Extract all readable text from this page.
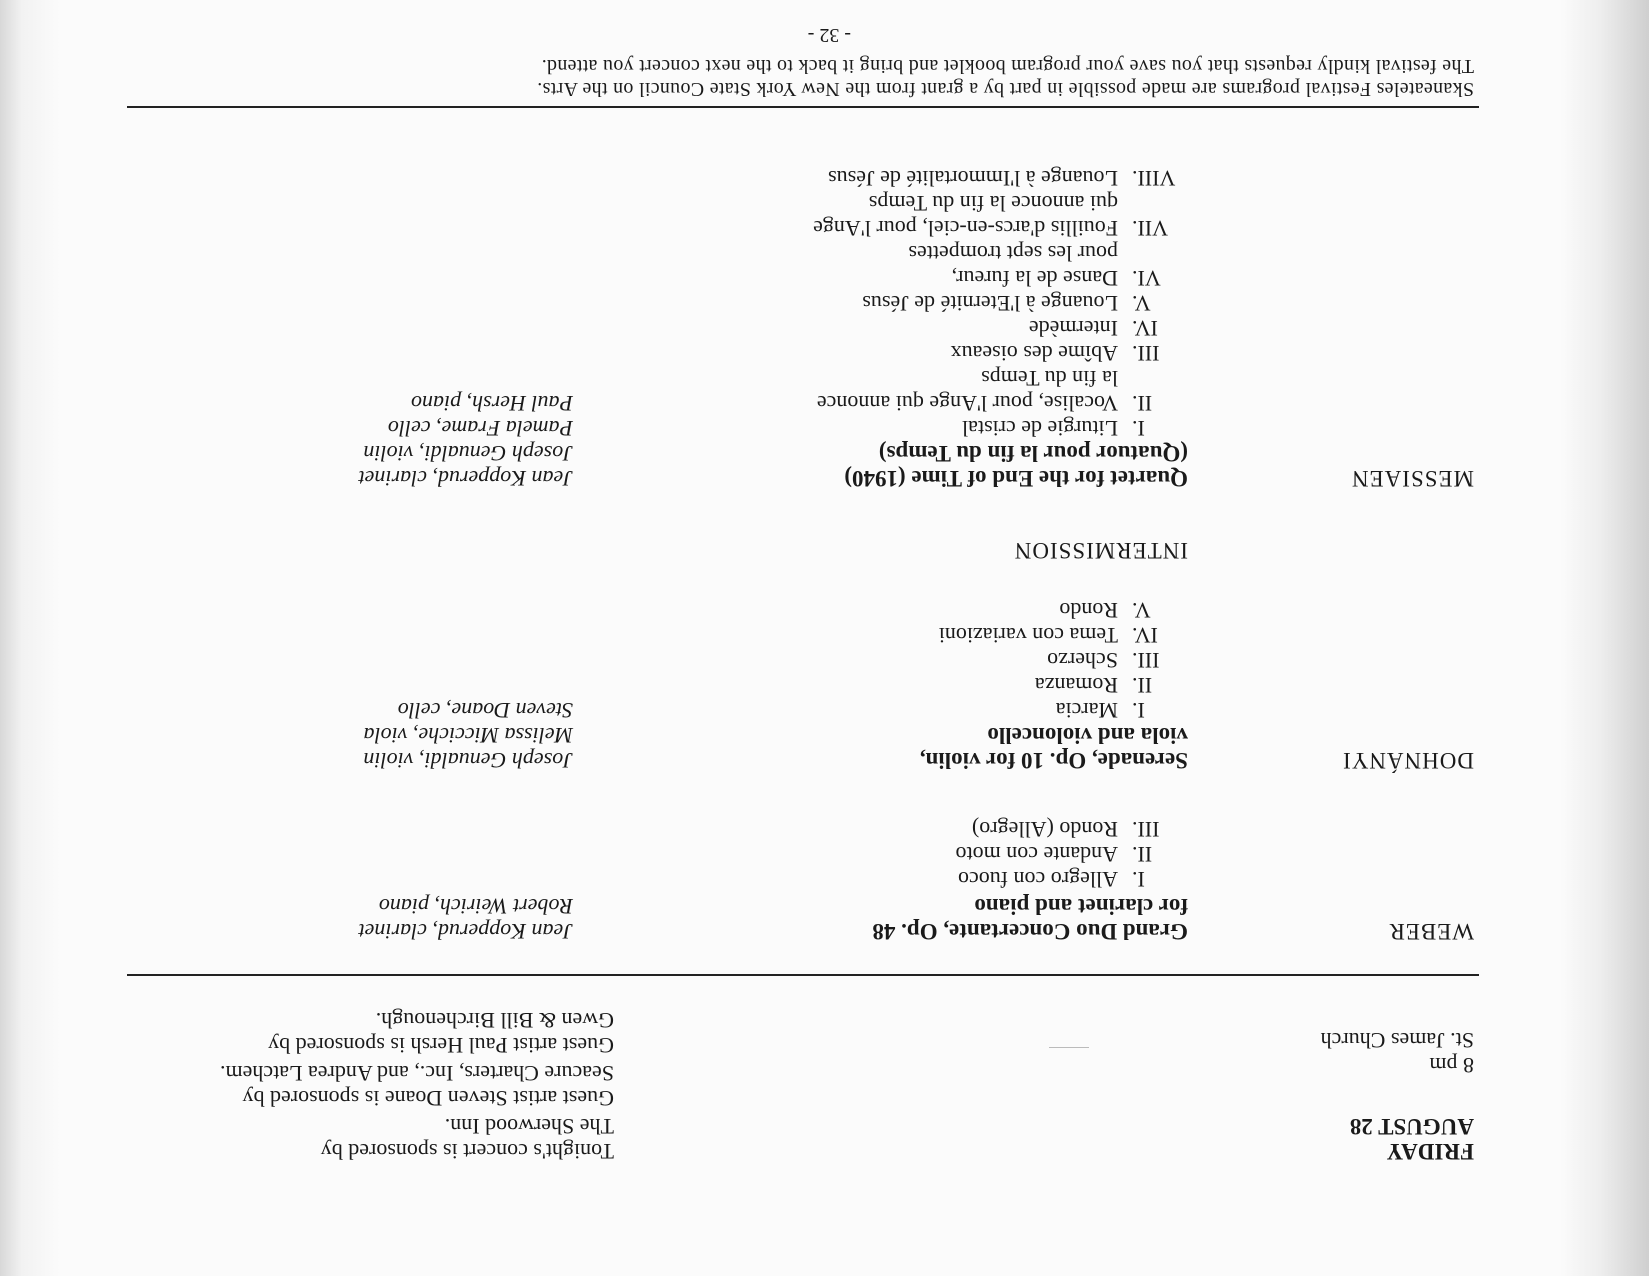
FRIDAY
AUGUST 28
8 pm
St. James Church
Tonight's concert is sponsored by
The Sherwood Inn.
Guest artist Steven Doane is sponsored by
Seacure Charters, Inc., and Andrea Latchem.
Guest artist Paul Hersh is sponsored by
Gwen & Bill Birchenough.
WEBER
Grand Duo Concertante, Op. 48
for clarinet and piano
Jean Kopperud, clarinet
Robert Weirich, piano
I.Allegro con fuoco
II.Andante con moto
III.Rondo (Allegro)
DOHNÁNYI
Serenade, Op. 10 for violin,
viola and violoncello
Joseph Genualdi, violin
Melissa Micciche, viola
Steven Doane, cello	I.Marcia
II.Romanza
III.Scherzo
IV.Tema con variazioni
V.Rondo
INTERMISSION
MESSIAEN
Quartet for the End of Time (1940)
(Quatuor pour la fin du Temps)
Jean Kopperud, clarinet
Joseph Genualdi, violin
Pamela Frame, cello
Paul Hersh, piano
I.Liturgie de cristal
II.Vocalise, pour l'Ange qui annonce
la fin du Temps
III.Abîme des oiseaux
IV.Intermède
V.Louange à l'Eternité de Jésus
VI.Danse de la fureur,
pour les sept trompettes
VII.Fouillis d'arcs-en-ciel, pour l'Ange
qui annonce la fin du Temps
VIII.Louange à l'Immortalité de Jésus
Skaneateles Festival programs are made possible in part by a grant from the New York State Council on the Arts.
The festival kindly requests that you save your program booklet and bring it back to the next concert you attend.
- 32 -
